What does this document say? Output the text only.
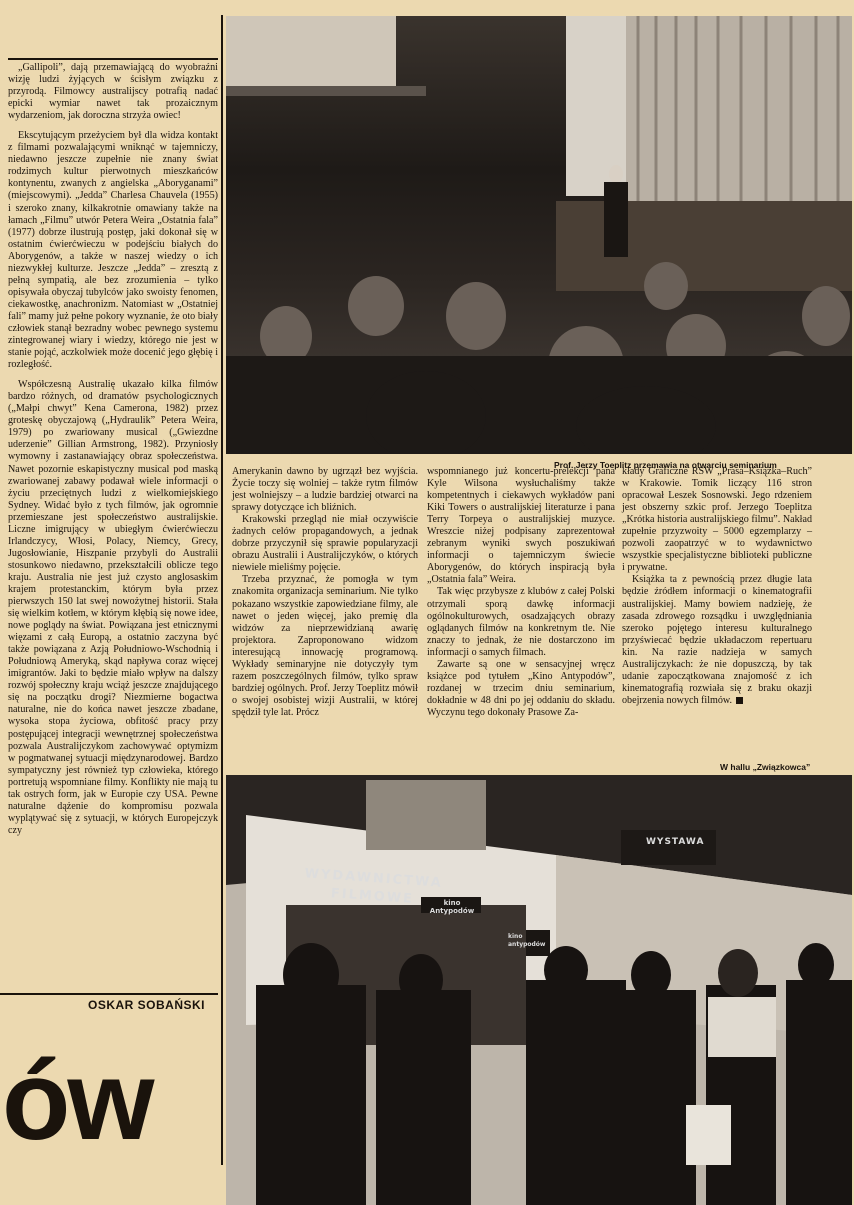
Prof. Jerzy Toeplitz przemawia na otwarciu seminarium

„Gallipoli”, dają przemawiającą do wyobraźni wizję ludzi żyjących w ścisłym związku z przyrodą. Filmowcy australijscy potrafią nadać epicki wymiar nawet tak prozaicznym wydarzeniom, jak doroczna strzyża owiec!

Ekscytującym przeżyciem był dla widza kontakt z filmami pozwalającymi wniknąć w tajemniczy, niedawno jeszcze zupełnie nie znany świat rodzimych kultur pierwotnych mieszkańców kontynentu, zwanych z angielska „Aboryganami” (miejscowymi). „Jedda” Charlesa Chauvela (1955) i szeroko znany, kilkakrotnie omawiany także na łamach „Filmu” utwór Petera Weira „Ostatnia fala” (1977) dobrze ilustrują postęp, jaki dokonał się w ostatnim ćwierćwieczu w podejściu białych do Aborygenów, a także w naszej wiedzy o ich niezwykłej kulturze. Jeszcze „Jedda” – zresztą z pełną sympatią, ale bez zrozumienia – tylko opisywała obyczaj tubylców jako swoisty fenomen, ciekawostkę, anachronizm. Natomiast w „Ostatniej fali” mamy już pełne pokory wyznanie, że oto biały człowiek stanął bezradny wobec pewnego systemu zintegrowanej wiary i wiedzy, którego nie jest w stanie pojąć, aczkolwiek może docenić jego głębię i rozległość.

Współczesną Australię ukazało kilka filmów bardzo różnych, od dramatów psychologicznych („Małpi chwyt” Kena Camerona, 1982) przez groteskę obyczajową („Hydraulik” Petera Weira, 1979) po zwariowany musical („Gwiezdne uderzenie” Gillian Armstrong, 1982). Przyniosły wymowny i zastanawiający obraz społeczeństwa. Nawet pozornie eskapistyczny musical pod maską zwariowanej zabawy podawał wiele informacji o życiu przeciętnych ludzi z wielkomiejskiego Sydney. Widać było z tych filmów, jak ogromnie przemieszane jest społeczeństwo australijskie. Liczne imigrujący w ubiegłym ćwierćwieczu Irlandczycy, Włosi, Polacy, Niemcy, Grecy, Jugosłowianie, Hiszpanie przybyli do Australii stosunkowo niedawno, przekształcili oblicze tego kraju. Australia nie jest już czysto anglosaskim krajem protestanckim, którym była przez pierwszych 150 lat swej nowożytnej historii. Stała się wielkim kotłem, w którym kłębią się nowe idee, nowe poglądy na świat. Powiązana jest etnicznymi więzami z całą Europą, a ostatnio zaczyna być także powiązana z Azją Południowo-Wschodnią i Południową Ameryką, skąd napływa coraz więcej imigrantów. Jaki to będzie miało wpływ na dalszy rozwój społeczny kraju wciąż jeszcze znajdującego się na początku drogi? Niezmierne bogactwa naturalne, nie do końca nawet jeszcze zbadane, wysoka stopa życiowa, obfitość pracy przy postępującej integracji wewnętrznej społeczeństwa pozwala Australijczykom zachowywać optymizm w pogmatwanej sytuacji międzynarodowej. Bardzo sympatyczny jest również typ człowieka, którego portretują wspomniane filmy. Konflikty nie mają tu tak ostrych form, jak w Europie czy USA. Pewne naturalne dążenie do kompromisu pozwala wyplątywać się z sytuacji, w których Europejczyk czy

OSKAR SOBAŃSKI
ów

Amerykanin dawno by ugrzązł bez wyjścia. Życie toczy się wolniej – także rytm filmów jest wolniejszy – a ludzie bardziej otwarci na sprawy dotyczące ich bliźnich.

Krakowski przegląd nie miał oczywiście żadnych celów propagandowych, a jednak dobrze przyczynił się sprawie popularyzacji obrazu Australii i Australijczyków, o których niewiele mieliśmy pojęcie.

Trzeba przyznać, że pomogła w tym znakomita organizacja seminarium. Nie tylko pokazano wszystkie zapowiedziane filmy, ale nawet o jeden więcej, jako premię dla widzów za nieprzewidzianą awarię projektora. Zaproponowano widzom interesującą innowację programową. Wykłady seminaryjne nie dotyczyły tym razem poszczególnych filmów, tylko spraw bardziej ogólnych. Prof. Jerzy Toeplitz mówił o swojej osobistej wizji Australii, w której spędził tyle lat. Prócz

wspomnianego już koncertu-prelekcji pana Kyle Wilsona wysłuchaliśmy także kompetentnych i ciekawych wykładów pani Kiki Towers o australijskiej literaturze i pana Terry Torpeya o australijskiej muzyce. Wreszcie niżej podpisany zaprezentował zebranym wyniki swych poszukiwań informacji o tajemniczym świecie Aborygenów, do których inspiracją była „Ostatnia fala” Weira.

Tak więc przybysze z klubów z całej Polski otrzymali sporą dawkę informacji ogólnokulturowych, osadzających obrazy oglądanych filmów na konkretnym tle. Nie znaczy to jednak, że nie dostarczono im informacji o samych filmach.

Zawarte są one w sensacyjnej wręcz książce pod tytułem „Kino Antypodów”, rozdanej w trzecim dniu seminarium, dokładnie w 48 dni po jej oddaniu do składu. Wyczynu tego dokonały Prasowe Za-

kłady Graficzne RSW „Prasa–Książka–Ruch” w Krakowie. Tomik liczący 116 stron opracował Leszek Sosnowski. Jego rdzeniem jest obszerny szkic prof. Jerzego Toeplitza „Krótka historia australijskiego filmu”. Nakład zupełnie przyzwoity – 5000 egzemplarzy – pozwoli zaopatrzyć w to wydawnictwo wszystkie specjalistyczne biblioteki publiczne i prywatne.

Książka ta z pewnością przez długie lata będzie źródłem informacji o kinematografii australijskiej. Mamy bowiem nadzieję, że zasada zdrowego rozsądku i uwzględniania szeroko pojętego interesu kulturalnego przyświecać będzie układaczom repertuaru kin. Na razie nadzieja w samych Australijczykach: że nie dopuszczą, by tak udanie zapoczątkowana znajomość z ich kinematografią rozwiała się z braku okazji obejrzenia nowych filmów.

W hallu „Związkowca”
WYDAWNICTWA FILMOWE	kino Antypodów
kino antypodów
WYSTAWA
